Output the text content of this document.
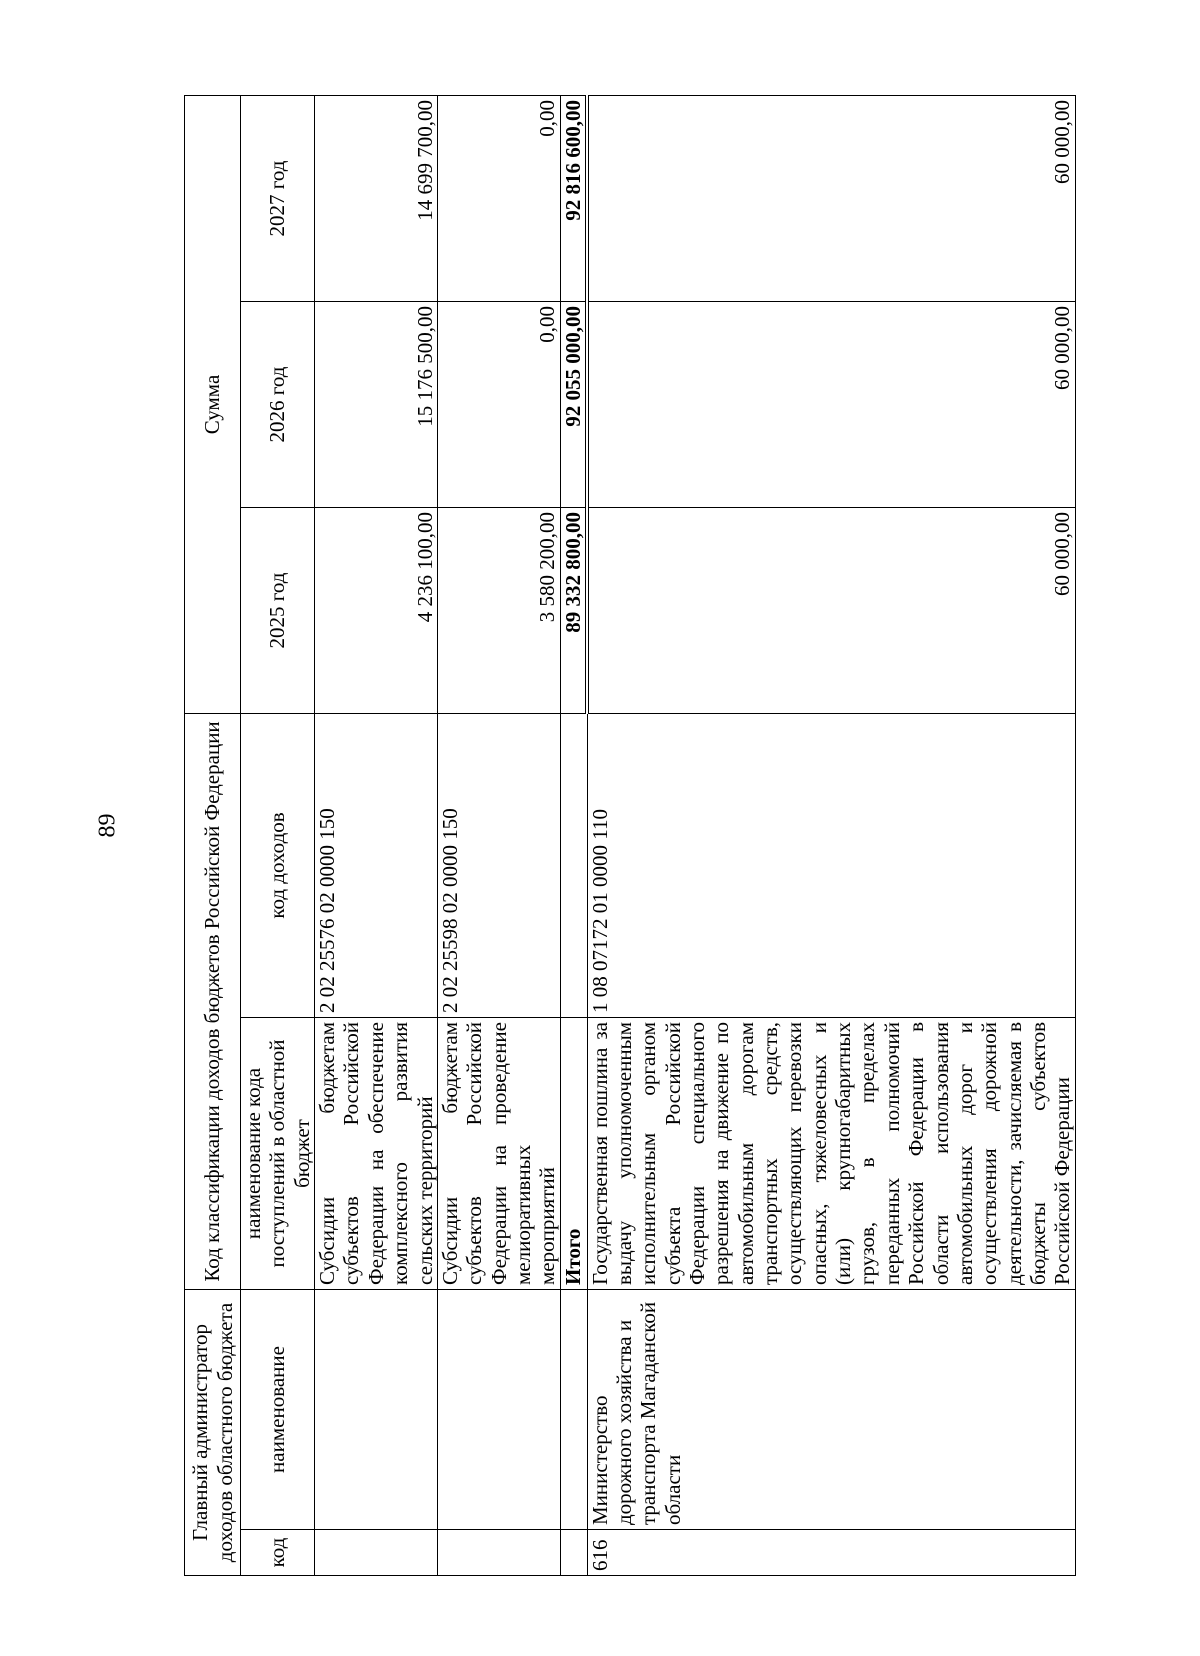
89
Главный администратор доходов областного бюджета		Код классификации доходов бюджетов Российской Федерации		Сумма		
код	наименование	наименование кода поступлений в областной бюджет	код доходов	2025 год	2026 год	2027 год
		Субсидии бюджетам субъектов Российской Федерации на обеспечение комплексного развития сельских территорий	2 02 25576 02 0000 150	4 236 100,00	15 176 500,00	14 699 700,00
		Субсидии бюджетам субъектов Российской Федерации на проведение мелиоративных мероприятий	2 02 25598 02 0000 150	3 580 200,00	0,00	0,00
		Итого		89 332 800,00	92 055 000,00	92 816 600,00
616	Министерство дорожного хозяйства и транспорта Магаданской области	Государственная пошлина за выдачу уполномоченным исполнительным органом субъекта Российской Федерации специального разрешения на движение по автомобильным дорогам транспортных средств, осуществляющих перевозки опасных, тяжеловесных и (или) крупногабаритных грузов, в пределах переданных полномочий Российской Федерации в области использования автомобильных дорог и осуществления дорожной деятельности, зачисляемая в бюджеты субъектов Российской Федерации	1 08 07172 01 0000 110	60 000,00	60 000,00	60 000,00
